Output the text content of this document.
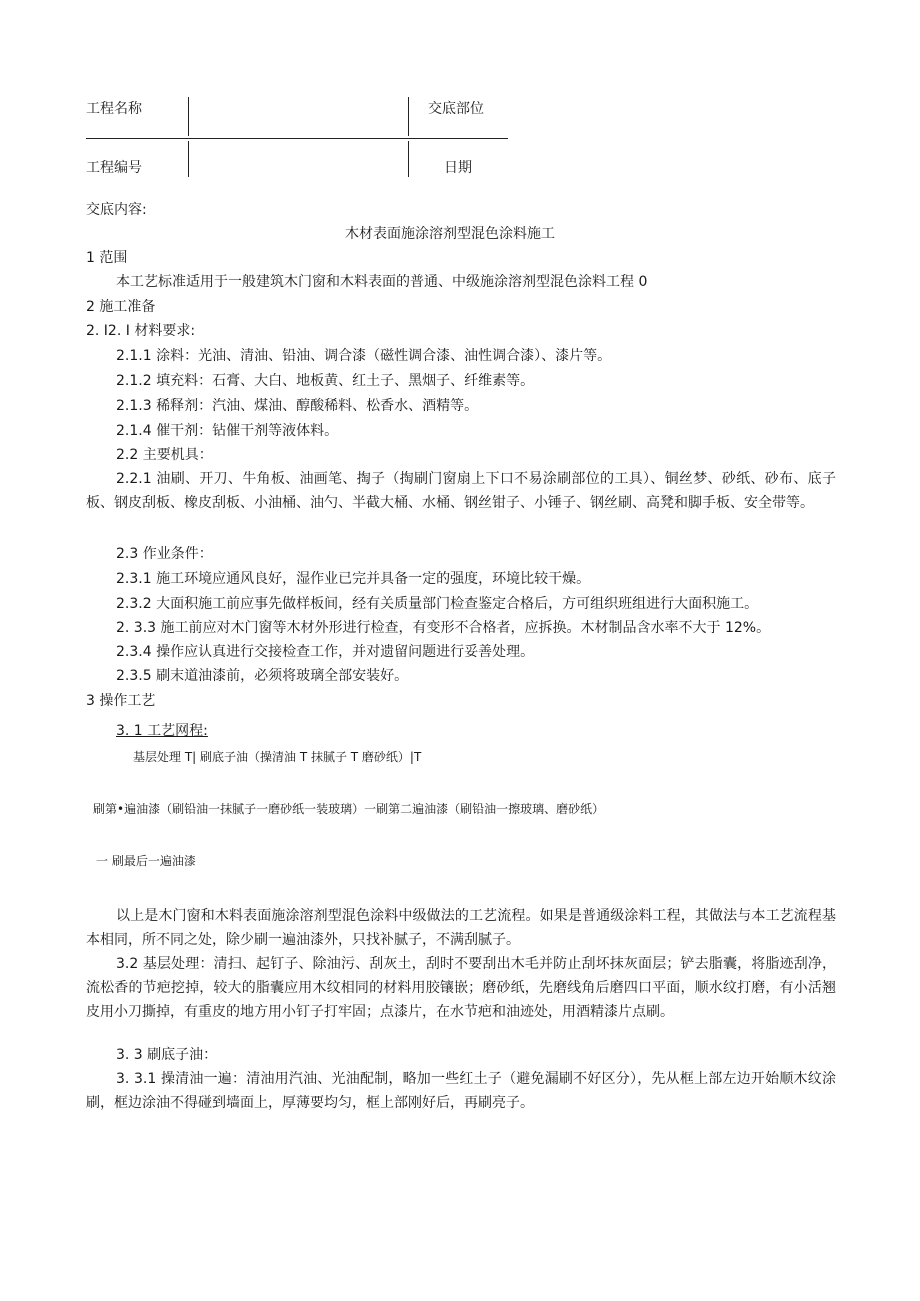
工程名称
工程编号
交底部位
日期
交底内容:
木材表面施涂溶剂型混色涂料施工
1 范围
本工艺标准适用于一般建筑木门窗和木料表面的普通、中级施涂溶剂型混色涂料工程 0
2 施工准备
2. I2. I 材料要求:
2.1.1 涂料：光油、清油、铅油、调合漆（磁性调合漆、油性调合漆）、漆片等。
2.1.2 填充料：石膏、大白、地板黄、红土子、黑烟子、纤维素等。
2.1.3 稀释剂：汽油、煤油、醇酸稀料、松香水、酒精等。
2.1.4 催干剂：钻催干剂等液体料。
2.2 主要机具：
2.2.1 油刷、开刀、牛角板、油画笔、掏子（掏刷门窗扇上下口不易涂刷部位的工具）、铜丝梦、砂纸、砂布、底子板、钢皮刮板、橡皮刮板、小油桶、油勺、半截大桶、水桶、钢丝钳子、小锤子、钢丝刷、高凳和脚手板、安全带等。
2.3 作业条件：
2.3.1 施工环境应通风良好，湿作业已完并具备一定的强度，环境比较干燥。
2.3.2 大面积施工前应事先做样板间，经有关质量部门检查鉴定合格后，方可组织班组进行大面积施工。
2. 3.3 施工前应对木门窗等木材外形进行检查，有变形不合格者，应拆换。木材制品含水率不大于 12%。
2.3.4 操作应认真进行交接检查工作，并对遗留问题进行妥善处理。
2.3.5 刷末道油漆前，必须将玻璃全部安装好。
3 操作工艺
3. 1 工艺网程:
基层处理 T| 刷底子油（操清油 T 抹腻子 T 磨砂纸）|T
刷第•遍油漆（刷铅油一抹腻子一磨砂纸一装玻璃）一刷第二遍油漆（刷铅油一擦玻璃、磨砂纸）
一 刷最后一遍油漆
以上是木门窗和木料表面施涂溶剂型混色涂料中级做法的工艺流程。如果是普通级涂料工程，其做法与本工艺流程基本相同，所不同之处，除少刷一遍油漆外，只找补腻子，不满刮腻子。
3.2 基层处理：清扫、起钉子、除油污、刮灰土，刮时不要刮出木毛并防止刮坏抹灰面层；铲去脂囊，将脂迹刮净，流松香的节疤挖掉，较大的脂囊应用木纹相同的材料用胶镶嵌；磨砂纸，先磨线角后磨四口平面，顺水纹打磨，有小活翘皮用小刀撕掉，有重皮的地方用小钉子打牢固；点漆片，在水节疤和油迹处，用酒精漆片点刷。
3. 3 刷底子油：
3. 3.1 操清油一遍：清油用汽油、光油配制，略加一些红土子（避免漏刷不好区分），先从框上部左边开始顺木纹涂刷，框边涂油不得碰到墙面上，厚薄要均匀，框上部刚好后，再刷亮子。
